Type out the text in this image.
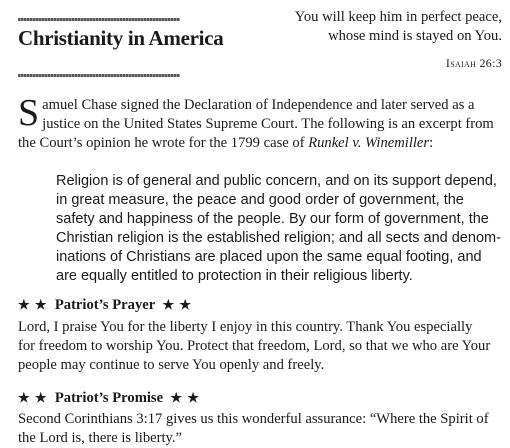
Christianity in America
You will keep him in perfect peace,
whose mind is stayed on You.
Isaiah 26:3
S amuel Chase signed the Declaration of Independence and later served as a
justice on the United States Supreme Court. The following is an excerpt from
the Court’s opinion he wrote for the 1799 case of Runkel v. Winemiller:
Religion is of general and public concern, and on its support depend,
in great measure, the peace and good order of government, the
safety and happiness of the people. By our form of government, the
Christian religion is the established religion; and all sects and denom-
inations of Christians are placed upon the same equal footing, and
are equally entitled to protection in their religious liberty.
★ ★ Patriot’s Prayer ★ ★
Lord, I praise You for the liberty I enjoy in this country. Thank You especially
for freedom to worship You. Protect that freedom, Lord, so that we who are Your
people may continue to serve You openly and freely.
★ ★ Patriot’s Promise ★ ★
Second Corinthians 3:17 gives us this wonderful assurance: “Where the Spirit of
the Lord is, there is liberty.”
